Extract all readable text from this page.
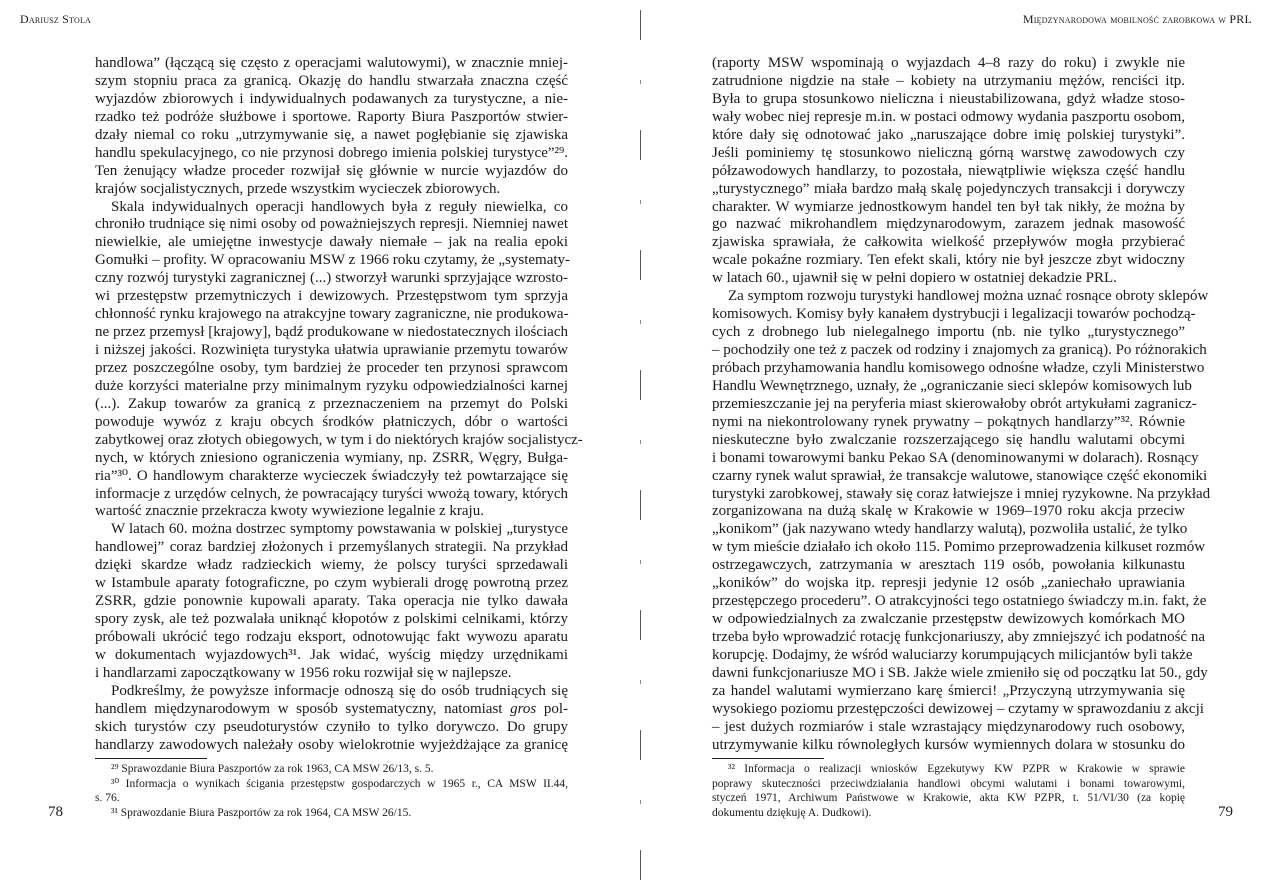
Dariusz Stola	Międzynarodowa mobilność zarobkowa w PRL
handlowa” (łączącą się często z operacjami walutowymi), w znacznie mniej-
szym stopniu praca za granicą. Okazję do handlu stwarzała znaczna część
wyjazdów zbiorowych i indywidualnych podawanych za turystyczne, a nie-
rzadko też podróże służbowe i sportowe. Raporty Biura Paszportów stwier-
dzały niemal co roku „utrzymywanie się, a nawet pogłębianie się zjawiska
handlu spekulacyjnego, co nie przynosi dobrego imienia polskiej turystyce”²⁹.
Ten żenujący władze proceder rozwijał się głównie w nurcie wyjazdów do
krajów socjalistycznych, przede wszystkim wycieczek zbiorowych.
Skala indywidualnych operacji handlowych była z reguły niewielka, co
chroniło trudniące się nimi osoby od poważniejszych represji. Niemniej nawet
niewielkie, ale umiejętne inwestycje dawały niemałe – jak na realia epoki
Gomułki – profity. W opracowaniu MSW z 1966 roku czytamy, że „systematy-
czny rozwój turystyki zagranicznej (...) stworzył warunki sprzyjające wzrosto-
wi przestępstw przemytniczych i dewizowych. Przestępstwom tym sprzyja
chłonność rynku krajowego na atrakcyjne towary zagraniczne, nie produkowa-
ne przez przemysł [krajowy], bądź produkowane w niedostatecznych ilościach
i niższej jakości. Rozwinięta turystyka ułatwia uprawianie przemytu towarów
przez poszczególne osoby, tym bardziej że proceder ten przynosi sprawcom
duże korzyści materialne przy minimalnym ryzyku odpowiedzialności karnej
(...). Zakup towarów za granicą z przeznaczeniem na przemyt do Polski
powoduje wywóz z kraju obcych środków płatniczych, dóbr o wartości
zabytkowej oraz złotych obiegowych, w tym i do niektórych krajów socjalistycz-
nych, w których zniesiono ograniczenia wymiany, np. ZSRR, Węgry, Bułga-
ria”³⁰. O handlowym charakterze wycieczek świadczyły też powtarzające się
informacje z urzędów celnych, że powracający turyści wwożą towary, których
wartość znacznie przekracza kwoty wywiezione legalnie z kraju.
W latach 60. można dostrzec symptomy powstawania w polskiej „turystyce
handlowej” coraz bardziej złożonych i przemyślanych strategii. Na przykład
dzięki skardze władz radzieckich wiemy, że polscy turyści sprzedawali
w Istambule aparaty fotograficzne, po czym wybierali drogę powrotną przez
ZSRR, gdzie ponownie kupowali aparaty. Taka operacja nie tylko dawała
spory zysk, ale też pozwalała uniknąć kłopotów z polskimi celnikami, którzy
próbowali ukrócić tego rodzaju eksport, odnotowując fakt wywozu aparatu
w dokumentach wyjazdowych³¹. Jak widać, wyścig między urzędnikami
i handlarzami zapoczątkowany w 1956 roku rozwijał się w najlepsze.
Podkreślmy, że powyższe informacje odnoszą się do osób trudniących się
handlem międzynarodowym w sposób systematyczny, natomiast gros pol-
skich turystów czy pseudoturystów czyniło to tylko dorywczo. Do grupy
handlarzy zawodowych należały osoby wielokrotnie wyjeżdżające za granicę
(raporty MSW wspominają o wyjazdach 4–8 razy do roku) i zwykle nie
zatrudnione nigdzie na stałe – kobiety na utrzymaniu mężów, renciści itp.
Była to grupa stosunkowo nieliczna i nieustabilizowana, gdyż władze stoso-
wały wobec niej represje m.in. w postaci odmowy wydania paszportu osobom,
które dały się odnotować jako „naruszające dobre imię polskiej turystyki”.
Jeśli pominiemy tę stosunkowo nieliczną górną warstwę zawodowych czy
półzawodowych handlarzy, to pozostała, niewątpliwie większa część handlu
„turystycznego” miała bardzo małą skalę pojedynczych transakcji i dorywczy
charakter. W wymiarze jednostkowym handel ten był tak nikły, że można by
go nazwać mikrohandlem międzynarodowym, zarazem jednak masowość
zjawiska sprawiała, że całkowita wielkość przepływów mogła przybierać
wcale pokaźne rozmiary. Ten efekt skali, który nie był jeszcze zbyt widoczny
w latach 60., ujawnił się w pełni dopiero w ostatniej dekadzie PRL.
Za symptom rozwoju turystyki handlowej można uznać rosnące obroty sklepów
komisowych. Komisy były kanałem dystrybucji i legalizacji towarów pochodzą-
cych z drobnego lub nielegalnego importu (nb. nie tylko „turystycznego”
– pochodziły one też z paczek od rodziny i znajomych za granicą). Po różnorakich
próbach przyhamowania handlu komisowego odnośne władze, czyli Ministerstwo
Handlu Wewnętrznego, uznały, że „ograniczanie sieci sklepów komisowych lub
przemieszczanie jej na peryferia miast skierowałoby obrót artykułami zagranicz-
nymi na niekontrolowany rynek prywatny – pokątnych handlarzy”³². Równie
nieskuteczne było zwalczanie rozszerzającego się handlu walutami obcymi
i bonami towarowymi banku Pekao SA (denominowanymi w dolarach). Rosnący
czarny rynek walut sprawiał, że transakcje walutowe, stanowiące część ekonomiki
turystyki zarobkowej, stawały się coraz łatwiejsze i mniej ryzykowne. Na przykład
zorganizowana na dużą skalę w Krakowie w 1969–1970 roku akcja przeciw
„konikom” (jak nazywano wtedy handlarzy walutą), pozwoliła ustalić, że tylko
w tym mieście działało ich około 115. Pomimo przeprowadzenia kilkuset rozmów
ostrzegawczych, zatrzymania w aresztach 119 osób, powołania kilkunastu
„koników” do wojska itp. represji jedynie 12 osób „zaniechało uprawiania
przestępczego procederu”. O atrakcyjności tego ostatniego świadczy m.in. fakt, że
w odpowiedzialnych za zwalczanie przestępstw dewizowych komórkach MO
trzeba było wprowadzić rotację funkcjonariuszy, aby zmniejszyć ich podatność na
korupcję. Dodajmy, że wśród waluciarzy korumpujących milicjantów byli także
dawni funkcjonariusze MO i SB. Jakże wiele zmieniło się od początku lat 50., gdy
za handel walutami wymierzano karę śmierci! „Przyczyną utrzymywania się
wysokiego poziomu przestępczości dewizowej – czytamy w sprawozdaniu z akcji
– jest dużych rozmiarów i stale wzrastający międzynarodowy ruch osobowy,
utrzymywanie kilku równoległych kursów wymiennych dolara w stosunku do
²⁹ Sprawozdanie Biura Paszportów za rok 1963, CA MSW 26/13, s. 5.
³⁰ Informacja o wynikach ścigania przestępstw gospodarczych w 1965 r., CA MSW II.44,
s. 76.
³¹ Sprawozdanie Biura Paszportów za rok 1964, CA MSW 26/15.
³² Informacja o realizacji wniosków Egzekutywy KW PZPR w Krakowie w sprawie
poprawy skuteczności przeciwdziałania handlowi obcymi walutami i bonami towarowymi,
styczeń 1971, Archiwum Państwowe w Krakowie, akta KW PZPR, t. 51/VI/30 (za kopię
dokumentu dziękuję A. Dudkowi).
78	79
